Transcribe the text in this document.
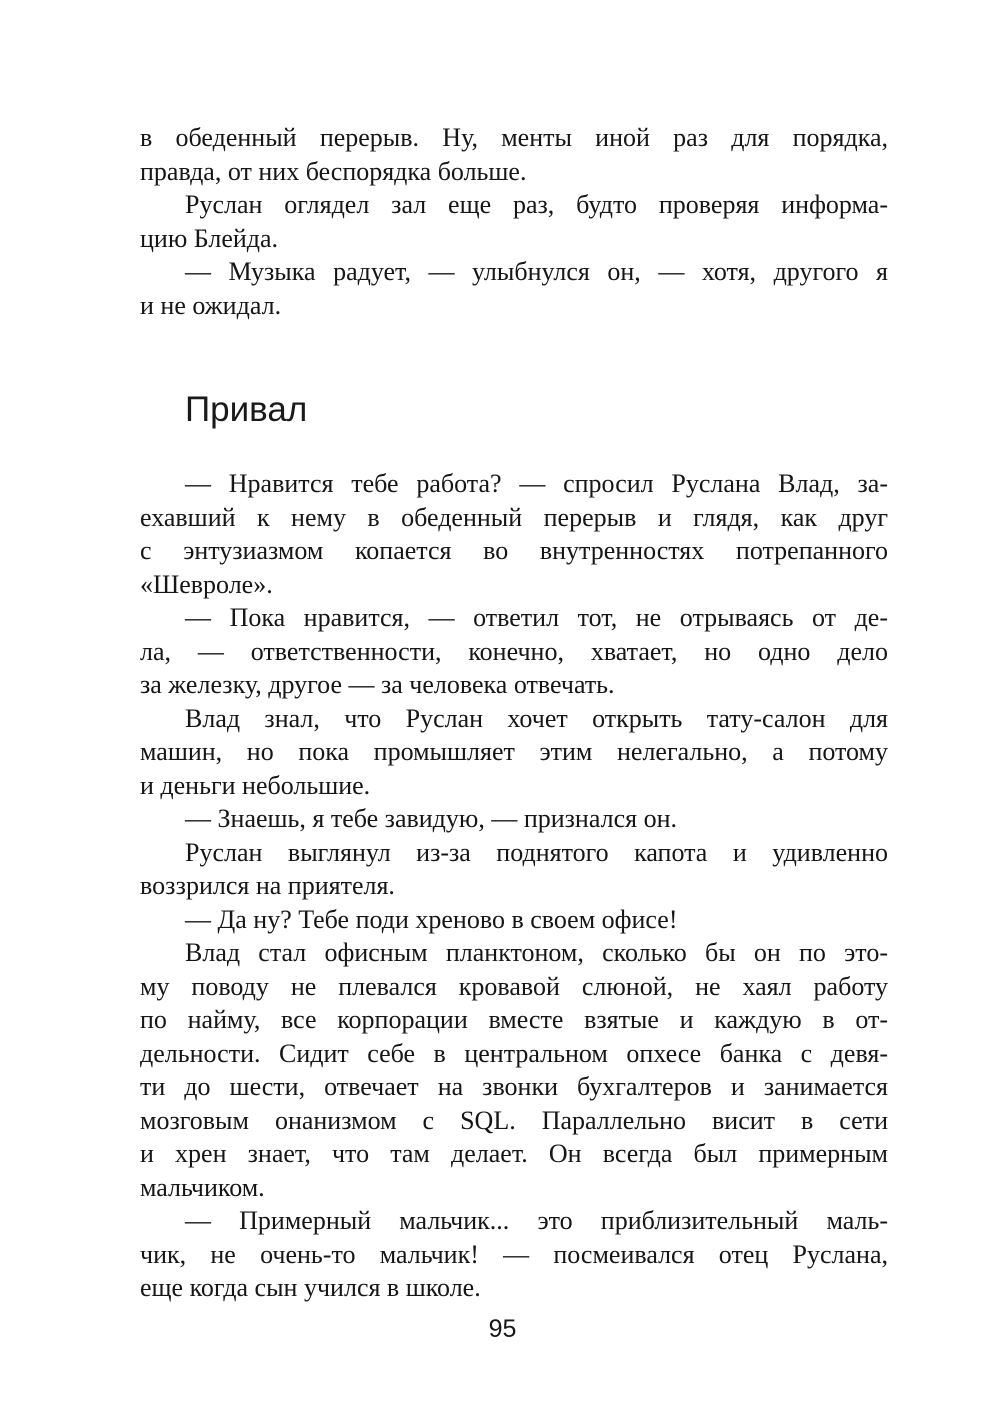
в обеденный перерыв. Ну, менты иной раз для порядка,
правда, от них беспорядка больше.
Руслан оглядел зал еще раз, будто проверяя информа-
цию Блейда.
— Музыка радует, — улыбнулся он, — хотя, другого я
и не ожидал.
Привал
— Нравится тебе работа? — спросил Руслана Влад, за-
ехавший к нему в обеденный перерыв и глядя, как друг
с энтузиазмом копается во внутренностях потрепанного
«Шевроле».
— Пока нравится, — ответил тот, не отрываясь от де-
ла, — ответственности, конечно, хватает, но одно дело
за железку, другое — за человека отвечать.
Влад знал, что Руслан хочет открыть тату-салон для
машин, но пока промышляет этим нелегально, а потому
и деньги небольшие.
— Знаешь, я тебе завидую, — признался он.
Руслан выглянул из-за поднятого капота и удивленно
воззрился на приятеля.
— Да ну? Тебе поди хреново в своем офисе!
Влад стал офисным планктоном, сколько бы он по это-
му поводу не плевался кровавой слюной, не хаял работу
по найму, все корпорации вместе взятые и каждую в от-
дельности. Сидит себе в центральном опхесе банка с девя-
ти до шести, отвечает на звонки бухгалтеров и занимается
мозговым онанизмом с SQL. Параллельно висит в сети
и хрен знает, что там делает. Он всегда был примерным
мальчиком.
— Примерный мальчик... это приблизительный маль-
чик, не очень-то мальчик! — посмеивался отец Руслана,
еще когда сын учился в школе.
95
